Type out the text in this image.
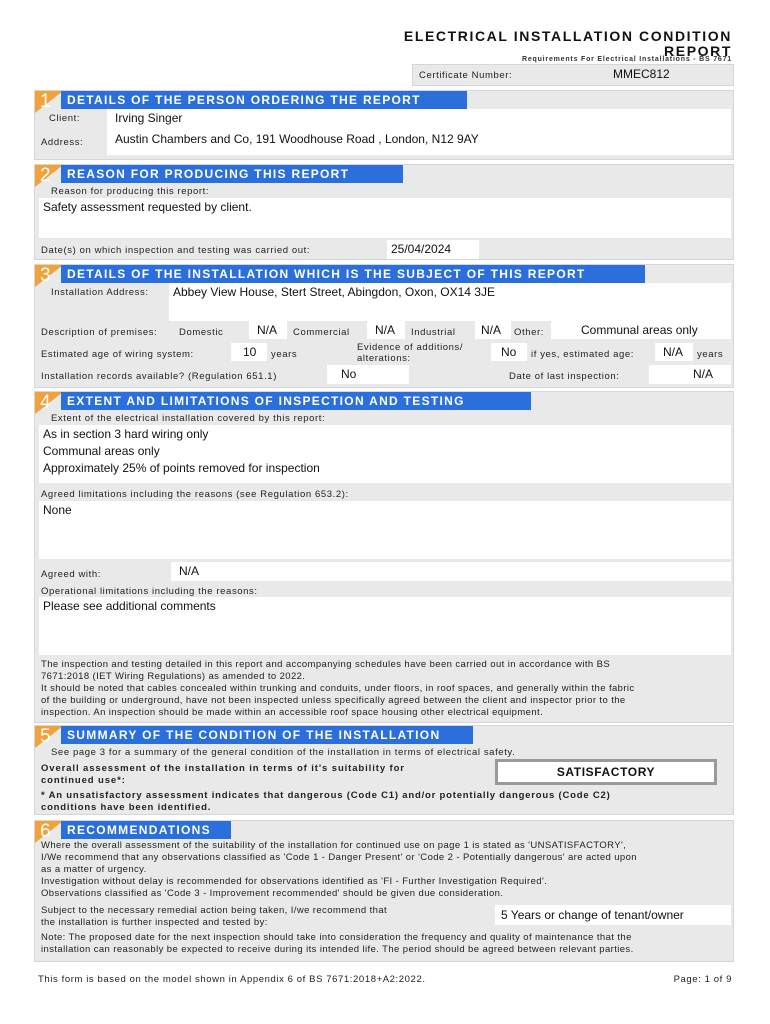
ELECTRICAL INSTALLATION CONDITION
REPORT
Requirements For Electrical Installations - BS 7671
Certificate Number:	MMEC812
1 DETAILS OF THE PERSON ORDERING THE REPORT
Client:	Irving Singer
Address:	Austin Chambers and Co, 191 Woodhouse Road , London, N12 9AY
2 REASON FOR PRODUCING THIS REPORT
Reason for producing this report:
Safety assessment requested by client.
Date(s) on which inspection and testing was carried out:	25/04/2024
3 DETAILS OF THE INSTALLATION WHICH IS THE SUBJECT OF THIS REPORT
Installation Address: Abbey View House, Stert Street, Abingdon, Oxon, OX14 3JE
Description of premises: Domestic	N/A Commercial N/A Industrial N/A Other:	Communal areas only
Estimated age of wiring system:	10 years
Evidence of additions/
alterations:	No if yes, estimated age: N/A years
Installation records available? (Regulation 651.1)	No	Date of last inspection:	N/A
4 EXTENT AND LIMITATIONS OF INSPECTION AND TESTING
Extent of the electrical installation covered by this report:
As in section 3 hard wiring only
Communal areas only
Approximately 25% of points removed for inspection
Agreed limitations including the reasons (see Regulation 653.2):
None
Agreed with:	N/A
Operational limitations including the reasons:
Please see additional comments
The inspection and testing detailed in this report and accompanying schedules have been carried out in accordance with BS
7671:2018 (IET Wiring Regulations) as amended to 2022.
It should be noted that cables concealed within trunking and conduits, under floors, in roof spaces, and generally within the fabric
of the building or underground, have not been inspected unless specifically agreed between the client and inspector prior to the
inspection. An inspection should be made within an accessible roof space housing other electrical equipment.
5 SUMMARY OF THE CONDITION OF THE INSTALLATION
See page 3 for a summary of the general condition of the installation in terms of electrical safety.
Overall assessment of the installation in terms of it's suitability for
continued use*:
SATISFACTORY
* An unsatisfactory assessment indicates that dangerous (Code C1) and/or potentially dangerous (Code C2)
conditions have been identified.
6 RECOMMENDATIONS
Where the overall assessment of the suitability of the installation for continued use on page 1 is stated as 'UNSATISFACTORY',
I/We recommend that any observations classified as 'Code 1 - Danger Present' or 'Code 2 - Potentially dangerous' are acted upon
as a matter of urgency.
Investigation without delay is recommended for observations identified as 'FI - Further Investigation Required'.
Observations classified as 'Code 3 - Improvement recommended' should be given due consideration.
Subject to the necessary remedial action being taken, I/we recommend that
the installation is further inspected and tested by:
5 Years or change of tenant/owner
Note: The proposed date for the next inspection should take into consideration the frequency and quality of maintenance that the
installation can reasonably be expected to receive during its intended life. The period should be agreed between relevant parties.
This form is based on the model shown in Appendix 6 of BS 7671:2018+A2:2022.	Page: 1 of 9
